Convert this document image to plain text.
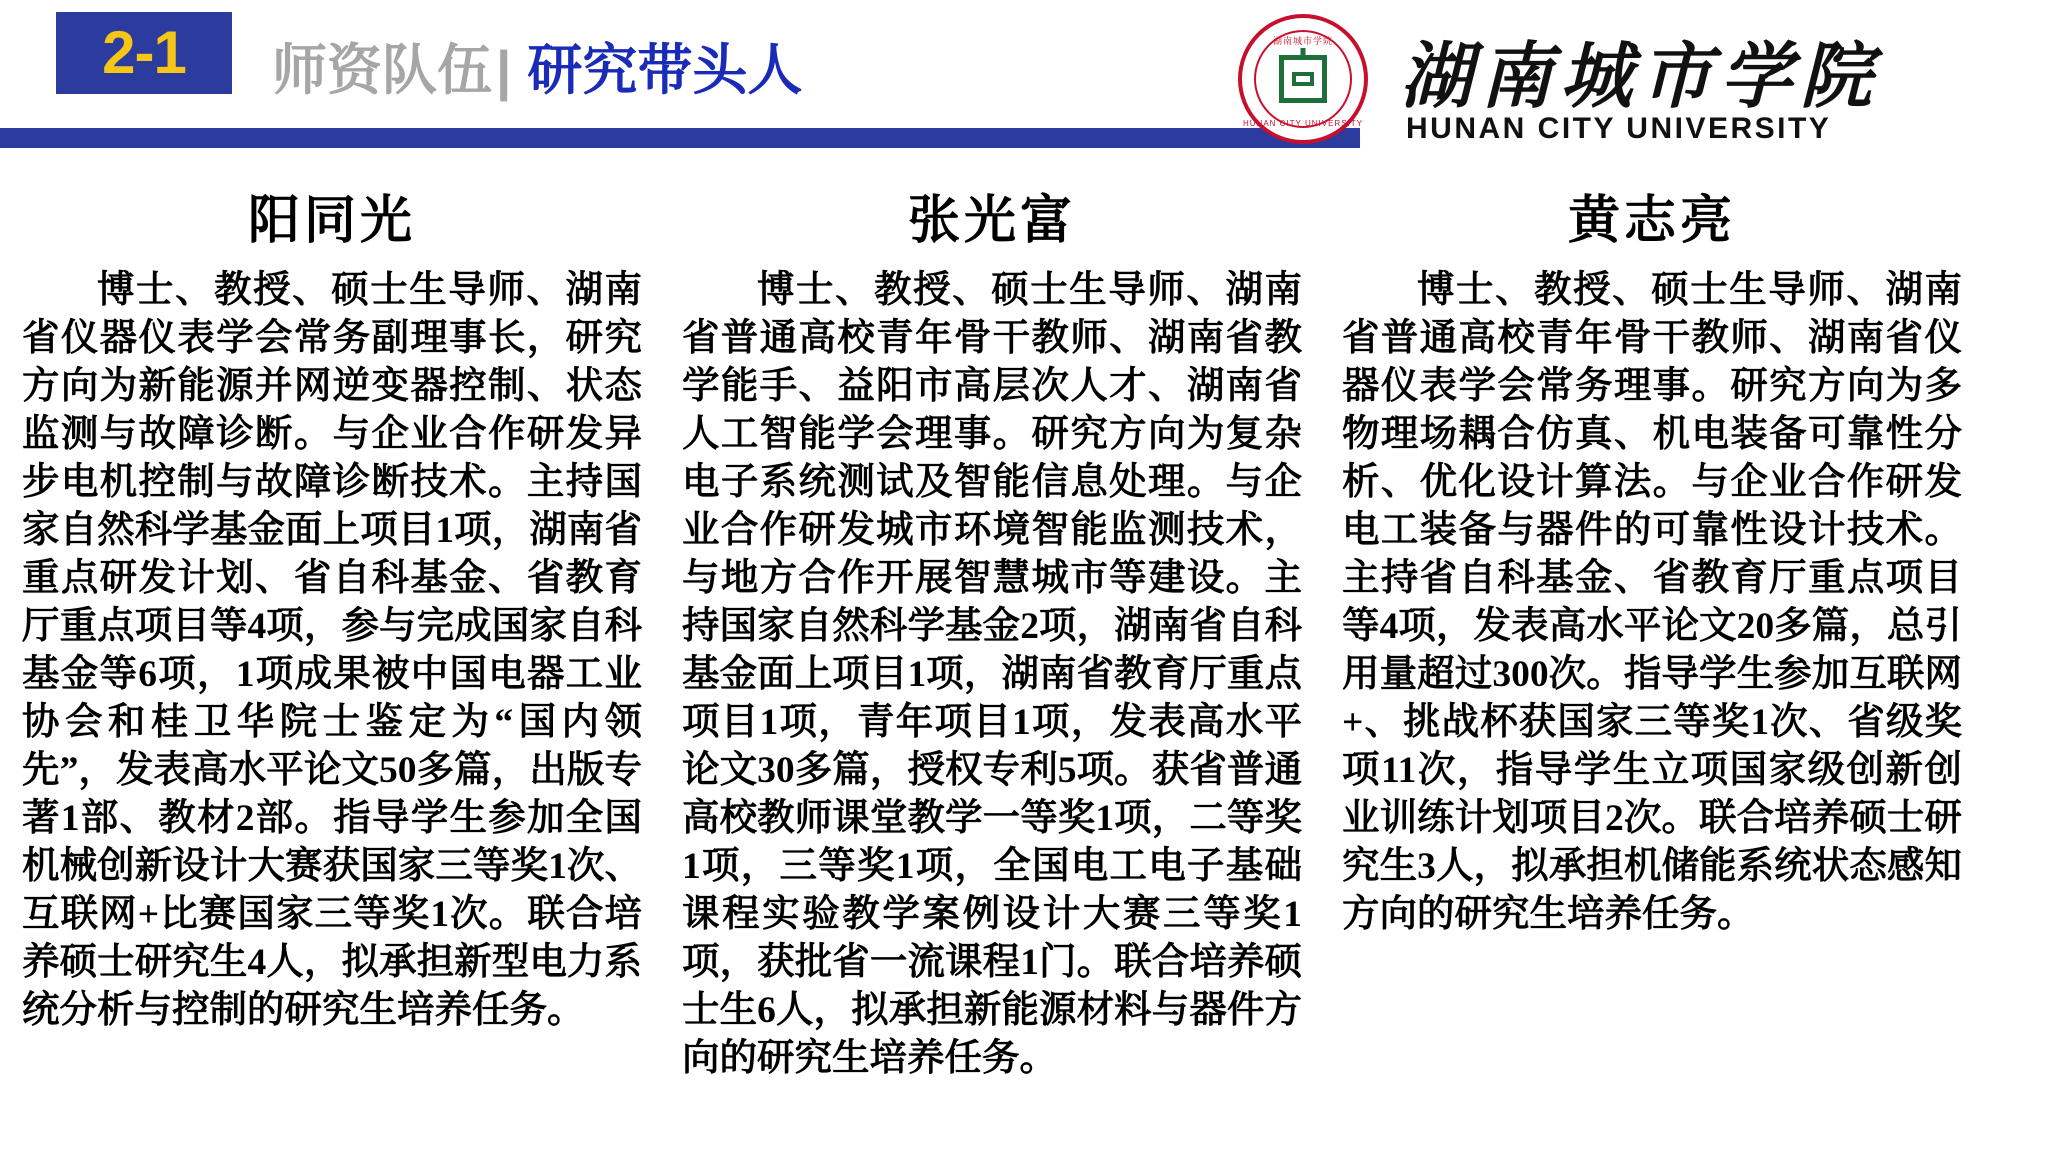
2-1 师资队伍 | 研究带头人	湖南城市学院
HUNAN CITY UNIVERSITY
湖南城市学院
HUNAN CITY UNIVERSITY
阳同光
博士、教授、硕士生导师、湖南省仪器仪表学会常务副理事长，研究方向为新能源并网逆变器控制、状态监测与故障诊断。与企业合作研发异步电机控制与故障诊断技术。主持国家自然科学基金面上项目1项，湖南省重点研发计划、省自科基金、省教育厅重点项目等4项，参与完成国家自科基金等6项，1项成果被中国电器工业协会和桂卫华院士鉴定为“国内领先”，发表高水平论文50多篇，出版专著1部、教材2部。指导学生参加全国机械创新设计大赛获国家三等奖1次、互联网+比赛国家三等奖1次。联合培养硕士研究生4人，拟承担新型电力系统分析与控制的研究生培养任务。
张光富
博士、教授、硕士生导师、湖南省普通高校青年骨干教师、湖南省教学能手、益阳市高层次人才、湖南省人工智能学会理事。研究方向为复杂电子系统测试及智能信息处理。与企业合作研发城市环境智能监测技术，与地方合作开展智慧城市等建设。主持国家自然科学基金2项，湖南省自科基金面上项目1项，湖南省教育厅重点项目1项，青年项目1项，发表高水平论文30多篇，授权专利5项。获省普通高校教师课堂教学一等奖1项，二等奖1项，三等奖1项，全国电工电子基础课程实验教学案例设计大赛三等奖1项，获批省一流课程1门。联合培养硕士生6人，拟承担新能源材料与器件方向的研究生培养任务。
黄志亮
博士、教授、硕士生导师、湖南省普通高校青年骨干教师、湖南省仪器仪表学会常务理事。研究方向为多物理场耦合仿真、机电装备可靠性分析、优化设计算法。与企业合作研发电工装备与器件的可靠性设计技术。主持省自科基金、省教育厅重点项目等4项，发表高水平论文20多篇，总引用量超过300次。指导学生参加互联网+、挑战杯获国家三等奖1次、省级奖项11次，指导学生立项国家级创新创业训练计划项目2次。联合培养硕士研究生3人，拟承担机储能系统状态感知方向的研究生培养任务。
